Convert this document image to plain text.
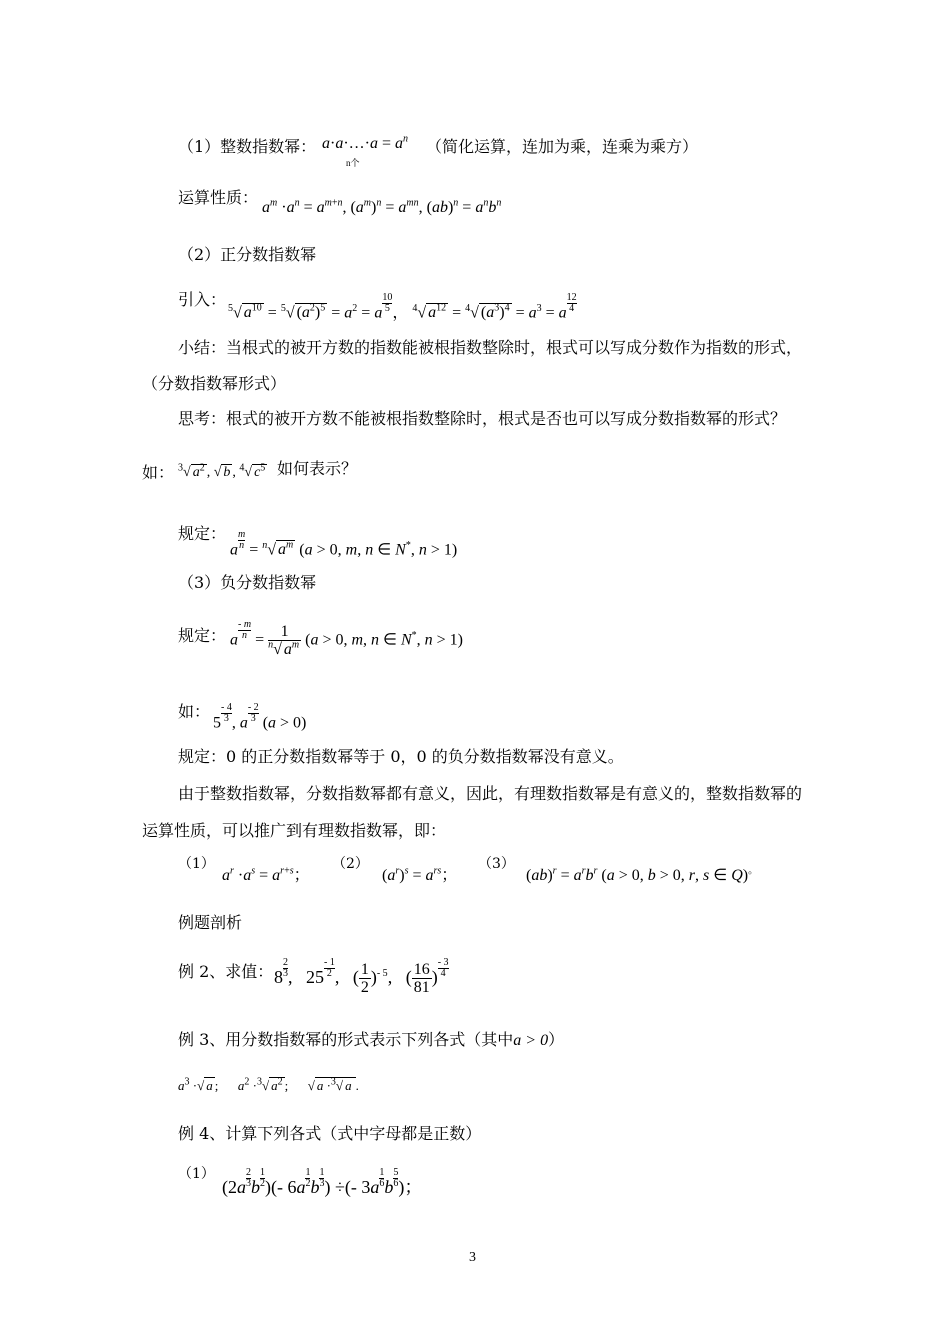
（1）整数指数幂： a·a·…·a = $a^n$
n个
（简化运算，连加为乘，连乘为乘方）
运算性质：
$a^m \cdot a^n = a^{m+n}$, $(a^m)^n = a^{mn}$, $(ab)^n = a^nb^n$
（2）正分数指数幂
引入： $^5$√ $a^{10} = ^5√$ $(a^2)^5 = a^2 = a \frac{10}{5}$ ， $^4$√ $a^{12} = ^4√$ $(a^3)^4 = a^3 = a \frac{12}{4}$
小结：当根式的被开方数的指数能被根指数整除时，根式可以写成分数作为指数的形式，
（分数指数幂形式）
思考：根式的被开方数不能被根指数整除时，根式是否也可以写成分数指数幂的形式？
如： $^3$√ $a^2$ , √ b , $^4$√ $c^5$ 如何表示？
规定：
a $\frac{m}{n} = ^n√$ $a^m$ (a > 0, m, n ∈ N*, n > 1)
（3）负分数指数幂
规定： a $\frac{- m}{n} = \frac{1}{^n√ a^m} (a > 0$, m, n ∈ N*, n > 1)
如：
$5 \frac{- 4}{3}$ , a $\frac{- 2}{3} (a > 0)$
规定：0 的正分数指数幂等于 0，0 的负分数指数幂没有意义。
由于整数指数幂，分数指数幂都有意义，因此，有理数指数幂是有意义的，整数指数幂的
运算性质，可以推广到有理数指数幂，即：
（1）
$a^r \cdot a^s = a^{r+s}$；
（2）
$(a^r)^s = a^{rs}$；
（3）
$(ab)^r = a^rb^r$ (a > 0, b > 0, r, s ∈ Q)。
例题剖析
例 2、求值： $8 \frac{2}{3}$ ,   $25 \frac{- 1}{2}$ ,   ( $\frac{1}{2} )^{- 5}$,   ( $\frac{16}{81}$ ) $\frac{- 3}{4}$
例 3、用分数指数幂的形式表示下列各式（其中a > 0）
$a^3$ ·√ a ;      $a^2 \cdot^3√$ $a^2$ ;      √ a ·$^3$√ a .
例 4、计算下列各式（式中字母都是正数）
（1）
($2a \frac{2}{3}$ b $\frac{1}{2}$ )(- $6a \frac{1}{2}$ b $\frac{1}{3}$ ) ÷(- $3a \frac{1}{6}$ b $\frac{5}{6}$ )；
3
